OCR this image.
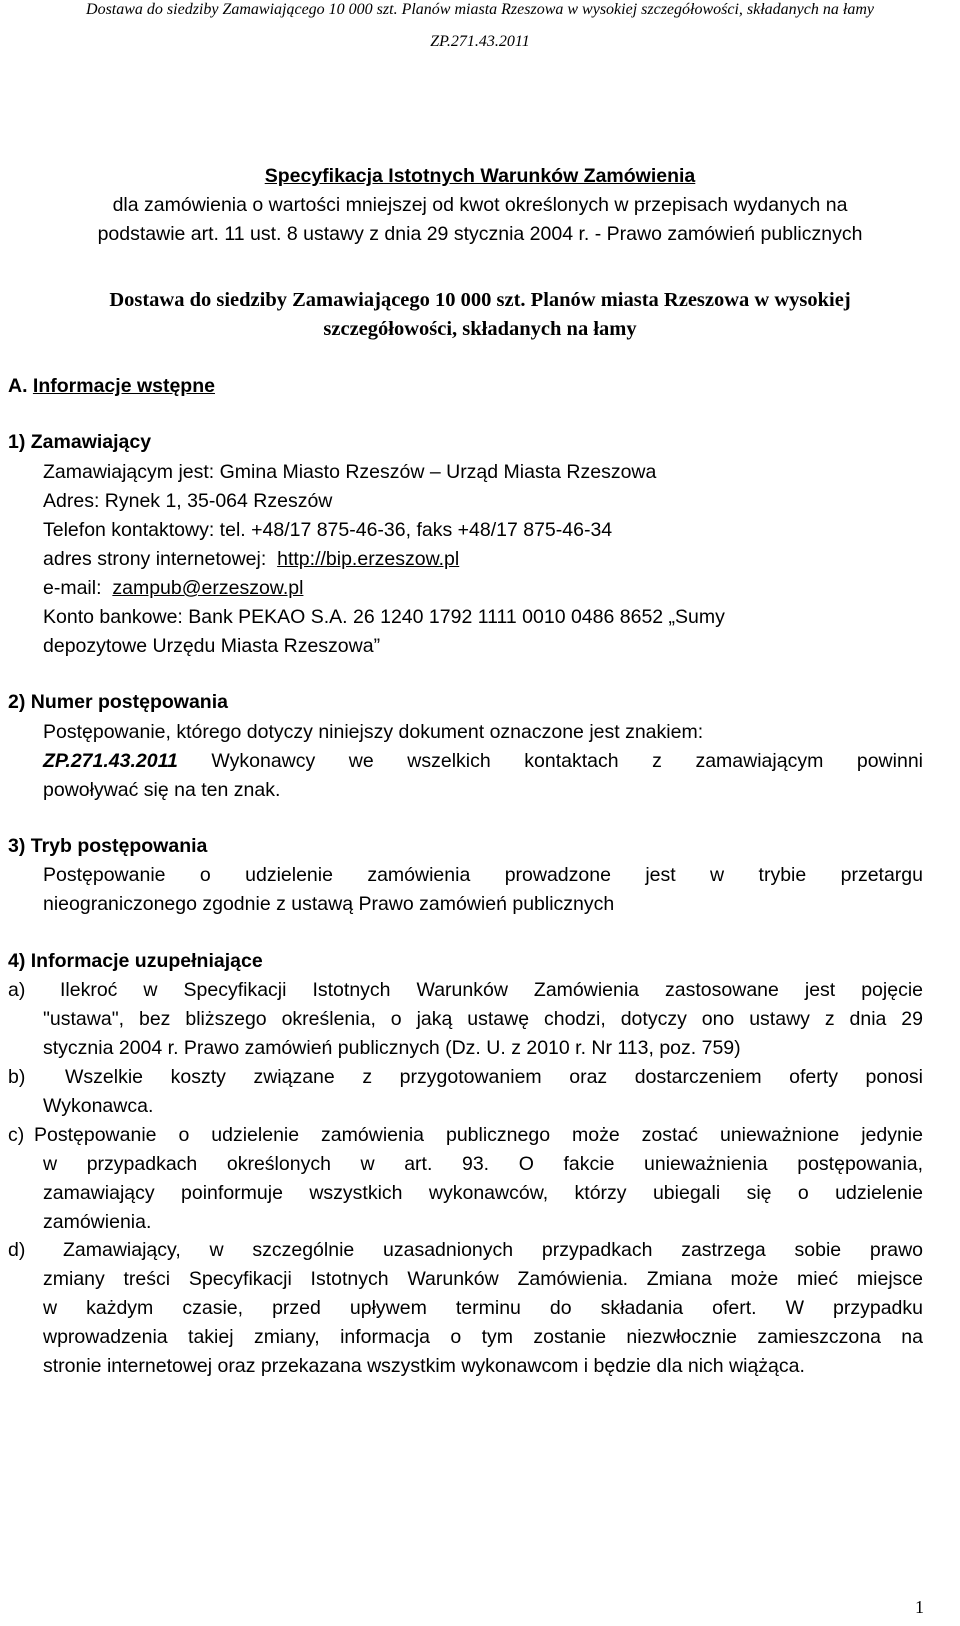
Dostawa do siedziby Zamawiającego 10 000 szt. Planów miasta Rzeszowa w wysokiej szczegółowości, składanych na łamy
ZP.271.43.2011
Specyfikacja Istotnych Warunków Zamówienia
dla zamówienia o wartości mniejszej od kwot określonych w przepisach wydanych na
podstawie art. 11 ust. 8 ustawy z dnia 29 stycznia 2004 r. - Prawo zamówień publicznych
Dostawa do siedziby Zamawiającego 10 000 szt. Planów miasta Rzeszowa w wysokiej
szczegółowości, składanych na łamy
A. Informacje wstępne
1) Zamawiający
Zamawiającym jest: Gmina Miasto Rzeszów – Urząd Miasta Rzeszowa
Adres: Rynek 1, 35-064 Rzeszów
Telefon kontaktowy: tel. +48/17 875-46-36, faks +48/17 875-46-34
adres strony internetowej: http://bip.erzeszow.pl
e-mail: zampub@erzeszow.pl
Konto bankowe: Bank PEKAO S.A. 26 1240 1792 1111 0010 0486 8652 „Sumy
depozytowe Urzędu Miasta Rzeszowa”
2) Numer postępowania
Postępowanie, którego dotyczy niniejszy dokument oznaczone jest znakiem:
ZP.271.43.2011 Wykonawcy we wszelkich kontaktach z zamawiającym powinni
powoływać się na ten znak.
3) Tryb postępowania
Postępowanie o udzielenie zamówienia prowadzone jest w trybie przetargu
nieograniczonego zgodnie z ustawą Prawo zamówień publicznych
4) Informacje uzupełniające
a)	Ilekroć w Specyfikacji Istotnych Warunków Zamówienia zastosowane jest pojęcie
"ustawa", bez bliższego określenia, o jaką ustawę chodzi, dotyczy ono ustawy z dnia 29
stycznia 2004 r. Prawo zamówień publicznych (Dz. U. z 2010 r. Nr 113, poz. 759)
b)	Wszelkie koszty związane z przygotowaniem oraz dostarczeniem oferty ponosi
Wykonawca.
c) Postępowanie o udzielenie zamówienia publicznego może zostać unieważnione jedynie
w przypadkach określonych w art. 93. O fakcie unieważnienia postępowania,
zamawiający poinformuje wszystkich wykonawców, którzy ubiegali się o udzielenie
zamówienia.
d)	Zamawiający, w szczególnie uzasadnionych przypadkach zastrzega sobie prawo
zmiany treści Specyfikacji Istotnych Warunków Zamówienia. Zmiana może mieć miejsce
w każdym czasie, przed upływem terminu do składania ofert. W przypadku
wprowadzenia takiej zmiany, informacja o tym zostanie niezwłocznie zamieszczona na
stronie internetowej oraz przekazana wszystkim wykonawcom i będzie dla nich wiążąca.
1
